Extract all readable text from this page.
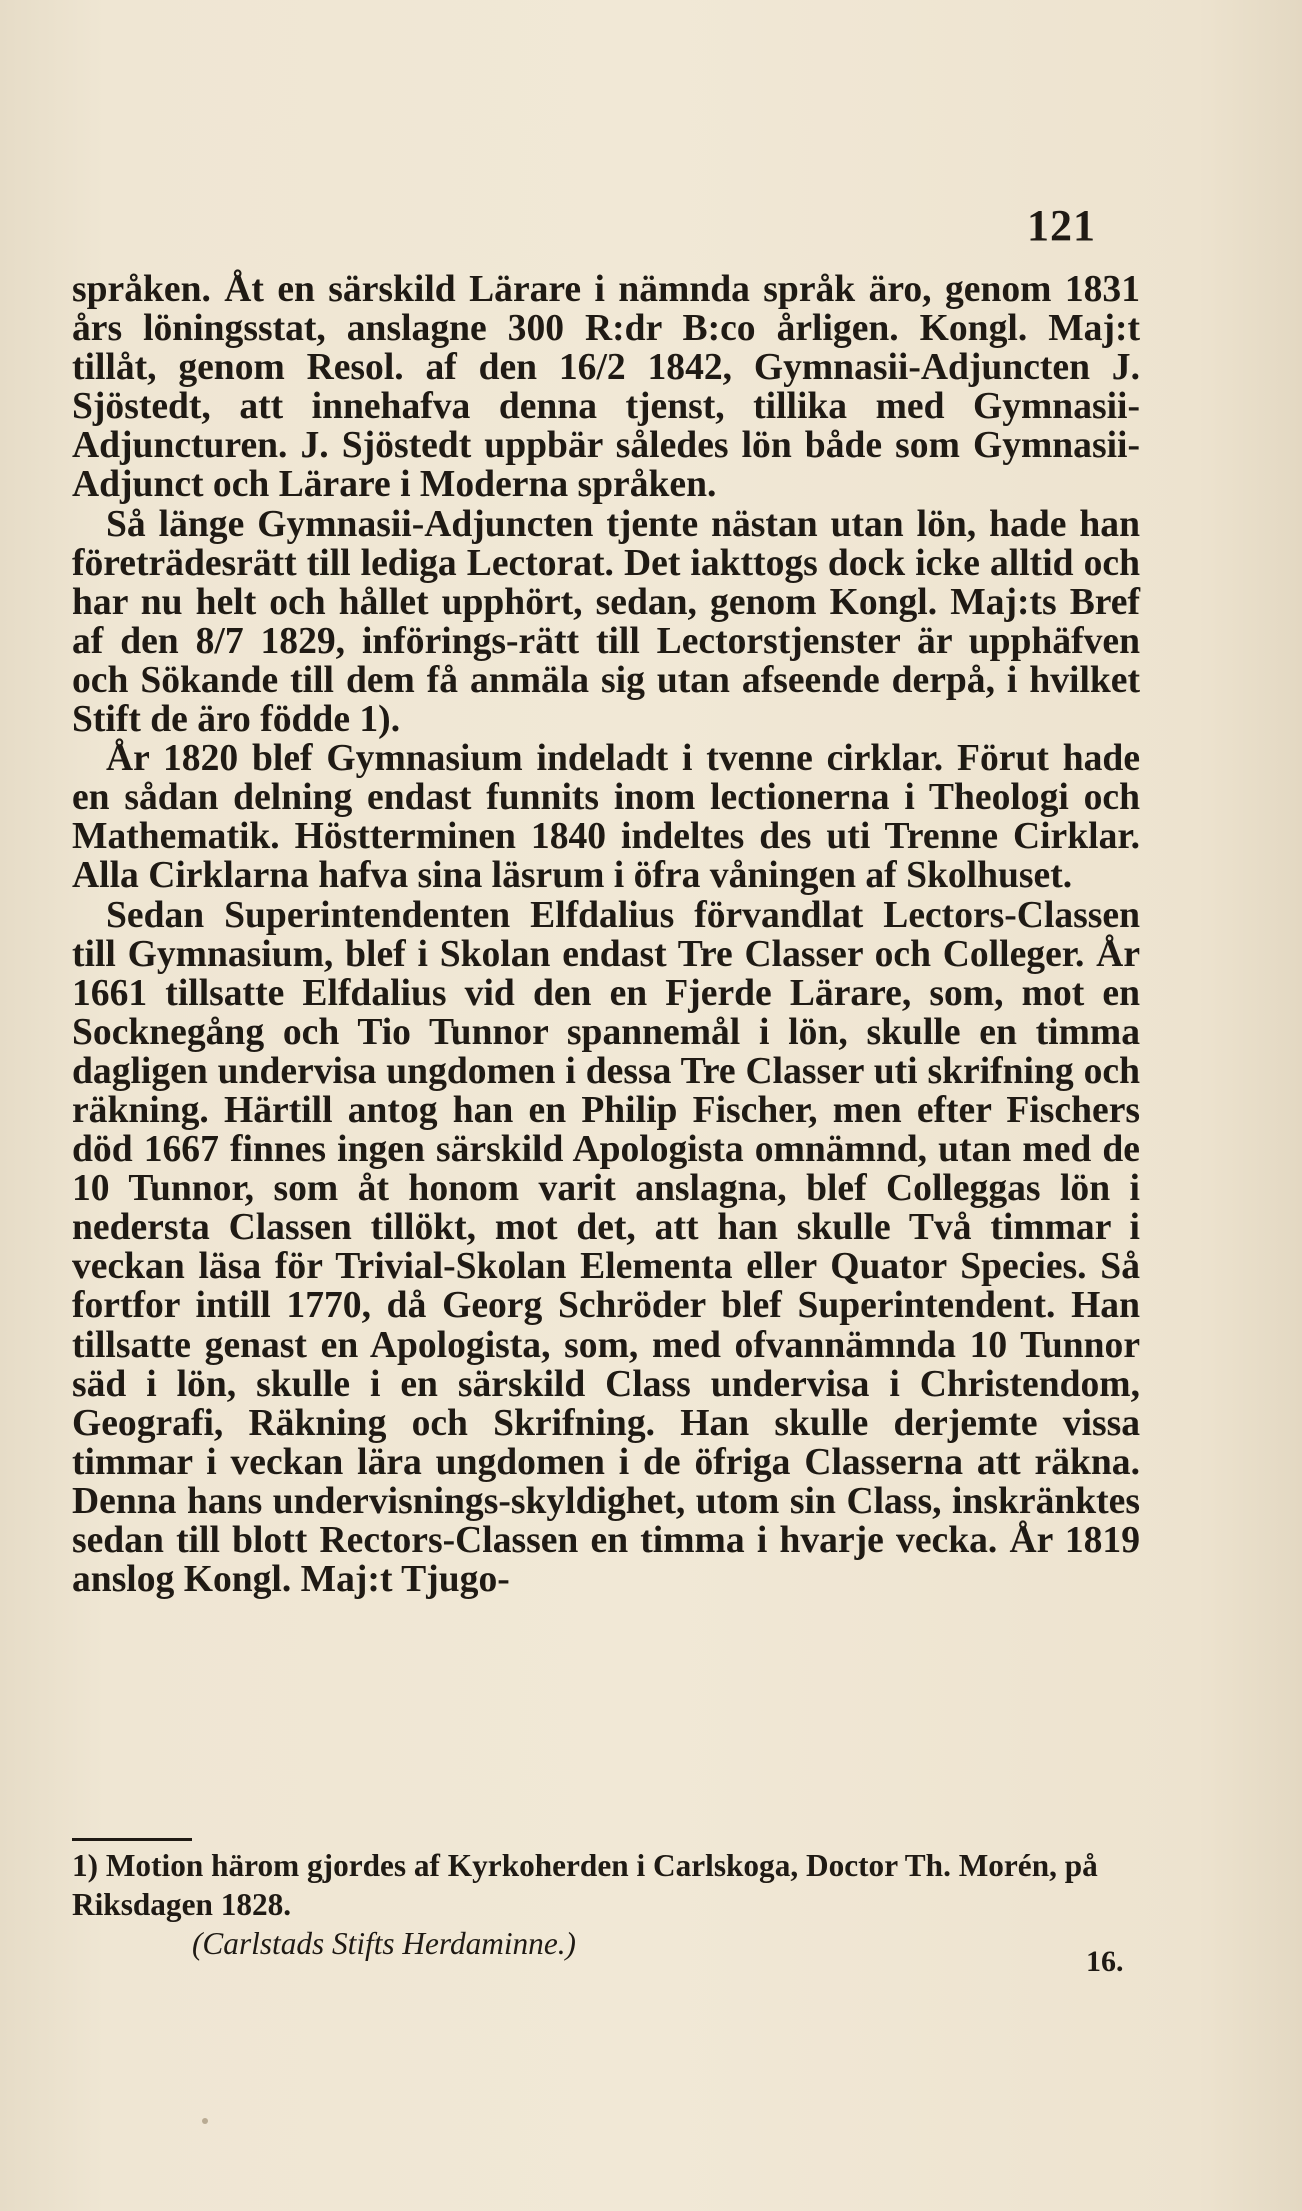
121

språken. Åt en särskild Lärare i nämnda språk äro, genom 1831 års löningsstat, anslagne 300 R:dr B:co årligen. Kongl. Maj:t tillåt, genom Resol. af den 16/2 1842, Gymnasii-Adjuncten J. Sjöstedt, att innehafva denna tjenst, tillika med Gymnasii-Adjuncturen. J. Sjöstedt uppbär således lön både som Gymnasii-Adjunct och Lärare i Moderna språken.

Så länge Gymnasii-Adjuncten tjente nästan utan lön, hade han företrädesrätt till lediga Lectorat. Det iakttogs dock icke alltid och har nu helt och hållet upphört, sedan, genom Kongl. Maj:ts Bref af den 8/7 1829, införings-rätt till Lectorstjenster är upphäfven och Sökande till dem få anmäla sig utan afseende derpå, i hvilket Stift de äro födde 1).

År 1820 blef Gymnasium indeladt i tvenne cirklar. Förut hade en sådan delning endast funnits inom lectionerna i Theologi och Mathematik. Höstterminen 1840 indeltes des uti Trenne Cirklar. Alla Cirklarna hafva sina läsrum i öfra våningen af Skolhuset.

Sedan Superintendenten Elfdalius förvandlat Lectors-Classen till Gymnasium, blef i Skolan endast Tre Classer och Colleger. År 1661 tillsatte Elfdalius vid den en Fjerde Lärare, som, mot en Socknegång och Tio Tunnor spannemål i lön, skulle en timma dagligen undervisa ungdomen i dessa Tre Classer uti skrifning och räkning. Härtill antog han en Philip Fischer, men efter Fischers död 1667 finnes ingen särskild Apologista omnämnd, utan med de 10 Tunnor, som åt honom varit anslagna, blef Colleggas lön i nedersta Classen tillökt, mot det, att han skulle Två timmar i veckan läsa för Trivial-Skolan Elementa eller Quator Species. Så fortfor intill 1770, då Georg Schröder blef Superintendent. Han tillsatte genast en Apologista, som, med ofvannämnda 10 Tunnor säd i lön, skulle i en särskild Class undervisa i Christendom, Geografi, Räkning och Skrifning. Han skulle derjemte vissa timmar i veckan lära ungdomen i de öfriga Classerna att räkna. Denna hans undervisnings-skyldighet, utom sin Class, inskränktes sedan till blott Rectors-Classen en timma i hvarje vecka. År 1819 anslog Kongl. Maj:t Tjugo-

1) Motion härom gjordes af Kyrkoherden i Carlskoga, Doctor Th. Morén, på Riksdagen 1828.

(Carlstads Stifts Herdaminne.)

16.
